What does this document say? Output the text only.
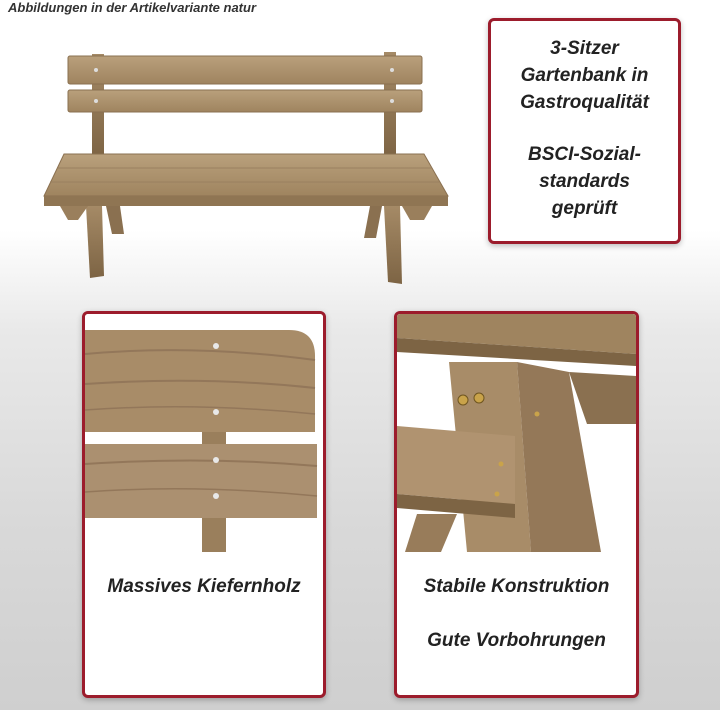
Abbildungen in der Artikelvariante natur
3-Sitzer
Gartenbank in
Gastroqualität
BSCI-Sozial-
standards
geprüft
Massives Kiefernholz	Stabile Konstruktion
Gute Vorbohrungen
